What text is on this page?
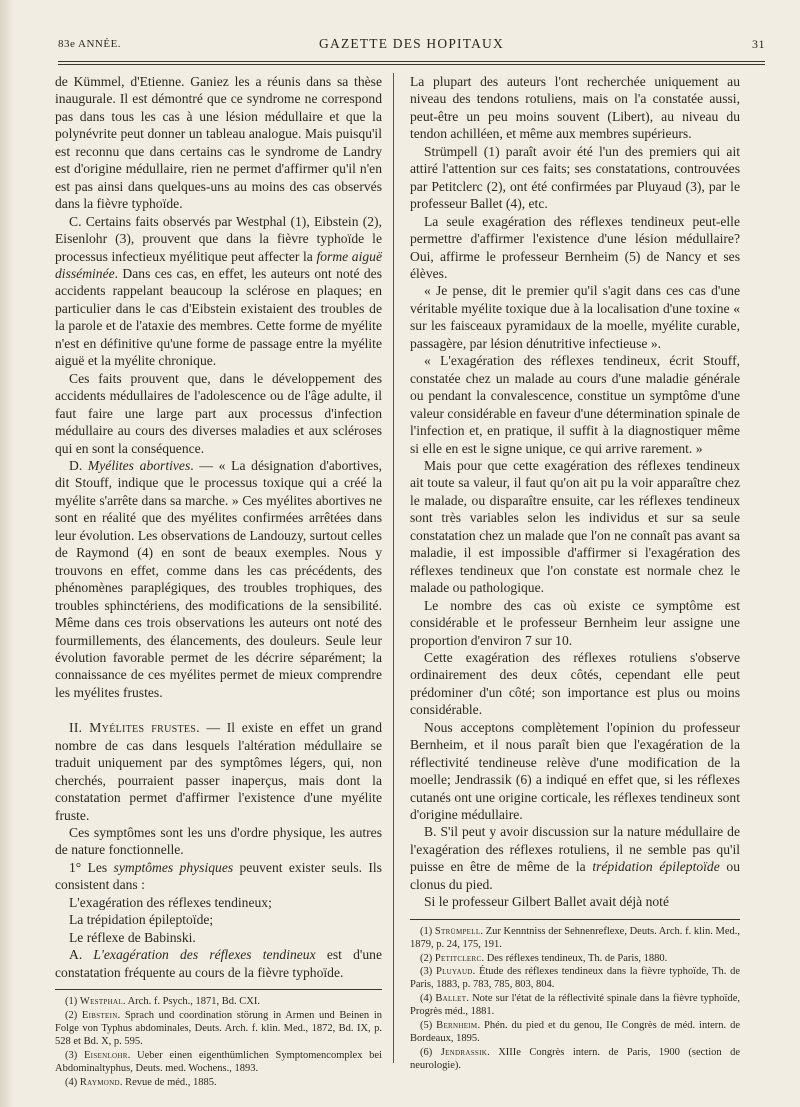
83e ANNÉE.	GAZETTE DES HOPITAUX	31

de Kümmel, d'Etienne. Ganiez les a réunis dans sa thèse inaugurale. Il est démontré que ce syndrome ne correspond pas dans tous les cas à une lésion médullaire et que la polynévrite peut donner un tableau analogue. Mais puisqu'il est reconnu que dans certains cas le syndrome de Landry est d'origine médullaire, rien ne permet d'affirmer qu'il n'en est pas ainsi dans quelques-uns au moins des cas observés dans la fièvre typhoïde.

C. Certains faits observés par Westphal (1), Eibstein (2), Eisenlohr (3), prouvent que dans la fièvre typhoïde le processus infectieux myélitique peut affecter la forme aiguë disséminée. Dans ces cas, en effet, les auteurs ont noté des accidents rappelant beaucoup la sclérose en plaques; en particulier dans le cas d'Eibstein existaient des troubles de la parole et de l'ataxie des membres. Cette forme de myélite n'est en définitive qu'une forme de passage entre la myélite aiguë et la myélite chronique.

Ces faits prouvent que, dans le développement des accidents médullaires de l'adolescence ou de l'âge adulte, il faut faire une large part aux processus d'infection médullaire au cours des diverses maladies et aux scléroses qui en sont la conséquence.

D. Myélites abortives. — « La désignation d'abortives, dit Stouff, indique que le processus toxique qui a créé la myélite s'arrête dans sa marche. » Ces myélites abortives ne sont en réalité que des myélites confirmées arrêtées dans leur évolution. Les observations de Landouzy, surtout celles de Raymond (4) en sont de beaux exemples. Nous y trouvons en effet, comme dans les cas précédents, des phénomènes paraplégiques, des troubles trophiques, des troubles sphinctériens, des modifications de la sensibilité. Même dans ces trois observations les auteurs ont noté des fourmillements, des élancements, des douleurs. Seule leur évolution favorable permet de les décrire séparément; la connaissance de ces myélites permet de mieux comprendre les myélites frustes.

II. Myélites frustes. — Il existe en effet un grand nombre de cas dans lesquels l'altération médullaire se traduit uniquement par des symptômes légers, qui, non cherchés, pourraient passer inaperçus, mais dont la constatation permet d'affirmer l'existence d'une myélite fruste.

Ces symptômes sont les uns d'ordre physique, les autres de nature fonctionnelle.

1° Les symptômes physiques peuvent exister seuls. Ils consistent dans :

L'exagération des réflexes tendineux;

La trépidation épileptoïde;

Le réflexe de Babinski.

A. L'exagération des réflexes tendineux est d'une constatation fréquente au cours de la fièvre typhoïde.

(1) Westphal. Arch. f. Psych., 1871, Bd. CXI.

(2) Eibstein. Sprach und coordination störung in Armen und Beinen in Folge von Typhus abdominales, Deuts. Arch. f. klin. Med., 1872, Bd. IX, p. 528 et Bd. X, p. 595.

(3) Eisenlohr. Ueber einen eigenthümlichen Symptomencomplex bei Abdominaltyphus, Deuts. med. Wochens., 1893.

(4) Raymond. Revue de méd., 1885.

La plupart des auteurs l'ont recherchée uniquement au niveau des tendons rotuliens, mais on l'a constatée aussi, peut-être un peu moins souvent (Libert), au niveau du tendon achilléen, et même aux membres supérieurs.

Strümpell (1) paraît avoir été l'un des premiers qui ait attiré l'attention sur ces faits; ses constatations, controuvées par Petitclerc (2), ont été confirmées par Pluyaud (3), par le professeur Ballet (4), etc.

La seule exagération des réflexes tendineux peut-elle permettre d'affirmer l'existence d'une lésion médullaire? Oui, affirme le professeur Bernheim (5) de Nancy et ses élèves.

« Je pense, dit le premier qu'il s'agit dans ces cas d'une véritable myélite toxique due à la localisation d'une toxine « sur les faisceaux pyramidaux de la moelle, myélite curable, passagère, par lésion dénutritive infectieuse ».

« L'exagération des réflexes tendineux, écrit Stouff, constatée chez un malade au cours d'une maladie générale ou pendant la convalescence, constitue un symptôme d'une valeur considérable en faveur d'une détermination spinale de l'infection et, en pratique, il suffit à la diagnostiquer même si elle en est le signe unique, ce qui arrive rarement. »

Mais pour que cette exagération des réflexes tendineux ait toute sa valeur, il faut qu'on ait pu la voir apparaître chez le malade, ou disparaître ensuite, car les réflexes tendineux sont très variables selon les individus et sur sa seule constatation chez un malade que l'on ne connaît pas avant sa maladie, il est impossible d'affirmer si l'exagération des réflexes tendineux que l'on constate est normale chez le malade ou pathologique.

Le nombre des cas où existe ce symptôme est considérable et le professeur Bernheim leur assigne une proportion d'environ 7 sur 10.

Cette exagération des réflexes rotuliens s'observe ordinairement des deux côtés, cependant elle peut prédominer d'un côté; son importance est plus ou moins considérable.

Nous acceptons complètement l'opinion du professeur Bernheim, et il nous paraît bien que l'exagération de la réflectivité tendineuse relève d'une modification de la moelle; Jendrassik (6) a indiqué en effet que, si les réflexes cutanés ont une origine corticale, les réflexes tendineux sont d'origine médullaire.

B. S'il peut y avoir discussion sur la nature médullaire de l'exagération des réflexes rotuliens, il ne semble pas qu'il puisse en être de même de la trépidation épileptoïde ou clonus du pied.

Si le professeur Gilbert Ballet avait déjà noté

(1) Strümpell. Zur Kenntniss der Sehnenreflexe, Deuts. Arch. f. klin. Med., 1879, p. 24, 175, 191.

(2) Petitclerc. Des réflexes tendineux, Th. de Paris, 1880.

(3) Pluyaud. Étude des réflexes tendineux dans la fièvre typhoïde, Th. de Paris, 1883, p. 783, 785, 803, 804.

(4) Ballet. Note sur l'état de la réflectivité spinale dans la fièvre typhoïde, Progrès méd., 1881.

(5) Bernheim. Phén. du pied et du genou, IIe Congrès de méd. intern. de Bordeaux, 1895.

(6) Jendrassik. XIIIe Congrès intern. de Paris, 1900 (section de neurologie).
